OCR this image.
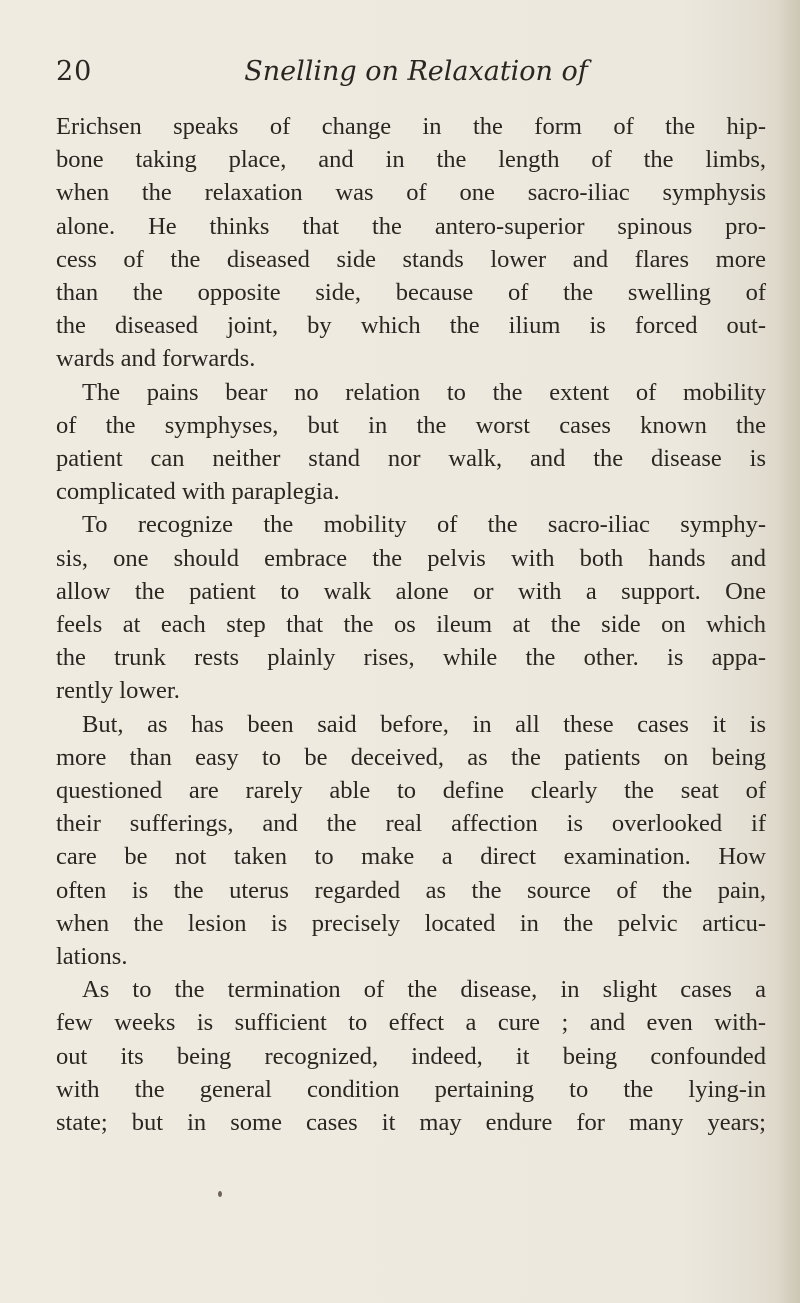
Snelling on Relaxation of
20

Erichsen speaks of change in the form of the hip-
bone taking place, and in the length of the limbs,
when the relaxation was of one sacro-iliac symphysis
alone. He thinks that the antero-superior spinous pro-
cess of the diseased side stands lower and flares more
than the opposite side, because of the swelling of
the diseased joint, by which the ilium is forced out-
wards and forwards.

The pains bear no relation to the extent of mobility
of the symphyses, but in the worst cases known the
patient can neither stand nor walk, and the disease is
complicated with paraplegia.

To recognize the mobility of the sacro-iliac symphy-
sis, one should embrace the pelvis with both hands and
allow the patient to walk alone or with a support. One
feels at each step that the os ileum at the side on which
the trunk rests plainly rises, while the other. is appa-
rently lower.

But, as has been said before, in all these cases it is
more than easy to be deceived, as the patients on being
questioned are rarely able to define clearly the seat of
their sufferings, and the real affection is overlooked if
care be not taken to make a direct examination. How
often is the uterus regarded as the source of the pain,
when the lesion is precisely located in the pelvic articu-
lations.

As to the termination of the disease, in slight cases a
few weeks is sufficient to effect a cure ; and even with-
out its being recognized, indeed, it being confounded
with the general condition pertaining to the lying-in
state; but in some cases it may endure for many years;
